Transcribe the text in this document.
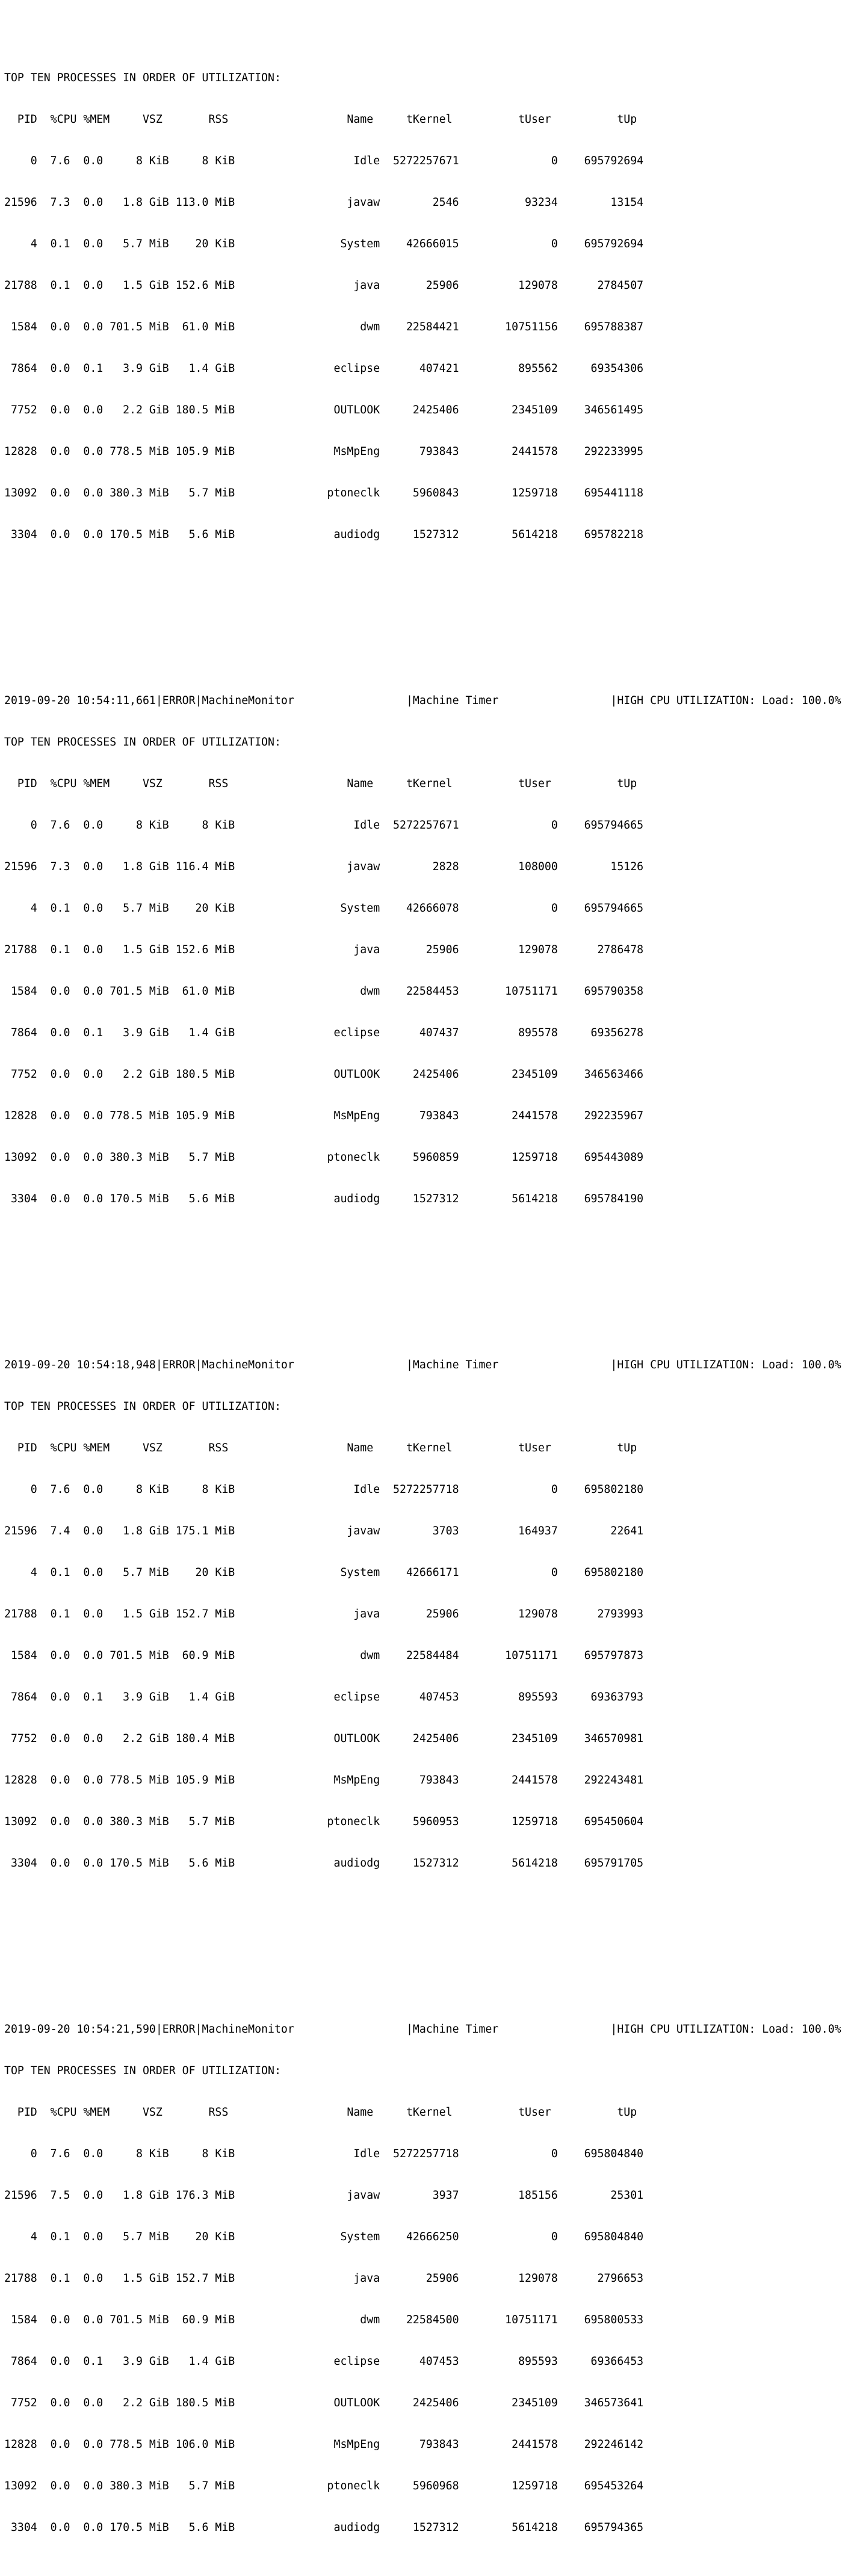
TOP TEN PROCESSES IN ORDER OF UTILIZATION:

PID  %CPU %MEM     VSZ       RSS                  Name     tKernel          tUser          tUp

0  7.6  0.0     8 KiB     8 KiB                  Idle  5272257671              0    695792694

21596  7.3  0.0   1.8 GiB 113.0 MiB                 javaw        2546          93234        13154

4  0.1  0.0   5.7 MiB    20 KiB                System    42666015              0    695792694

21788  0.1  0.0   1.5 GiB 152.6 MiB                  java       25906         129078      2784507

1584  0.0  0.0 701.5 MiB  61.0 MiB                   dwm    22584421       10751156    695788387

7864  0.0  0.1   3.9 GiB   1.4 GiB               eclipse      407421         895562     69354306

7752  0.0  0.0   2.2 GiB 180.5 MiB               OUTLOOK     2425406        2345109    346561495

12828  0.0  0.0 778.5 MiB 105.9 MiB               MsMpEng      793843        2441578    292233995

13092  0.0  0.0 380.3 MiB   5.7 MiB              ptoneclk     5960843        1259718    695441118

3304  0.0  0.0 170.5 MiB   5.6 MiB               audiodg     1527312        5614218    695782218

2019-09-20 10:54:11,661|ERROR|MachineMonitor                 |Machine Timer                 |HIGH CPU UTILIZATION: Load: 100.0%

TOP TEN PROCESSES IN ORDER OF UTILIZATION:

PID  %CPU %MEM     VSZ       RSS                  Name     tKernel          tUser          tUp

0  7.6  0.0     8 KiB     8 KiB                  Idle  5272257671              0    695794665

21596  7.3  0.0   1.8 GiB 116.4 MiB                 javaw        2828         108000        15126

4  0.1  0.0   5.7 MiB    20 KiB                System    42666078              0    695794665

21788  0.1  0.0   1.5 GiB 152.6 MiB                  java       25906         129078      2786478

1584  0.0  0.0 701.5 MiB  61.0 MiB                   dwm    22584453       10751171    695790358

7864  0.0  0.1   3.9 GiB   1.4 GiB               eclipse      407437         895578     69356278

7752  0.0  0.0   2.2 GiB 180.5 MiB               OUTLOOK     2425406        2345109    346563466

12828  0.0  0.0 778.5 MiB 105.9 MiB               MsMpEng      793843        2441578    292235967

13092  0.0  0.0 380.3 MiB   5.7 MiB              ptoneclk     5960859        1259718    695443089

3304  0.0  0.0 170.5 MiB   5.6 MiB               audiodg     1527312        5614218    695784190

2019-09-20 10:54:18,948|ERROR|MachineMonitor                 |Machine Timer                 |HIGH CPU UTILIZATION: Load: 100.0%

TOP TEN PROCESSES IN ORDER OF UTILIZATION:

PID  %CPU %MEM     VSZ       RSS                  Name     tKernel          tUser          tUp

0  7.6  0.0     8 KiB     8 KiB                  Idle  5272257718              0    695802180

21596  7.4  0.0   1.8 GiB 175.1 MiB                 javaw        3703         164937        22641

4  0.1  0.0   5.7 MiB    20 KiB                System    42666171              0    695802180

21788  0.1  0.0   1.5 GiB 152.7 MiB                  java       25906         129078      2793993

1584  0.0  0.0 701.5 MiB  60.9 MiB                   dwm    22584484       10751171    695797873

7864  0.0  0.1   3.9 GiB   1.4 GiB               eclipse      407453         895593     69363793

7752  0.0  0.0   2.2 GiB 180.4 MiB               OUTLOOK     2425406        2345109    346570981

12828  0.0  0.0 778.5 MiB 105.9 MiB               MsMpEng      793843        2441578    292243481

13092  0.0  0.0 380.3 MiB   5.7 MiB              ptoneclk     5960953        1259718    695450604

3304  0.0  0.0 170.5 MiB   5.6 MiB               audiodg     1527312        5614218    695791705

2019-09-20 10:54:21,590|ERROR|MachineMonitor                 |Machine Timer                 |HIGH CPU UTILIZATION: Load: 100.0%

TOP TEN PROCESSES IN ORDER OF UTILIZATION:

PID  %CPU %MEM     VSZ       RSS                  Name     tKernel          tUser          tUp

0  7.6  0.0     8 KiB     8 KiB                  Idle  5272257718              0    695804840

21596  7.5  0.0   1.8 GiB 176.3 MiB                 javaw        3937         185156        25301

4  0.1  0.0   5.7 MiB    20 KiB                System    42666250              0    695804840

21788  0.1  0.0   1.5 GiB 152.7 MiB                  java       25906         129078      2796653

1584  0.0  0.0 701.5 MiB  60.9 MiB                   dwm    22584500       10751171    695800533

7864  0.0  0.1   3.9 GiB   1.4 GiB               eclipse      407453         895593     69366453

7752  0.0  0.0   2.2 GiB 180.5 MiB               OUTLOOK     2425406        2345109    346573641

12828  0.0  0.0 778.5 MiB 106.0 MiB               MsMpEng      793843        2441578    292246142

13092  0.0  0.0 380.3 MiB   5.7 MiB              ptoneclk     5960968        1259718    695453264

3304  0.0  0.0 170.5 MiB   5.6 MiB               audiodg     1527312        5614218    695794365
